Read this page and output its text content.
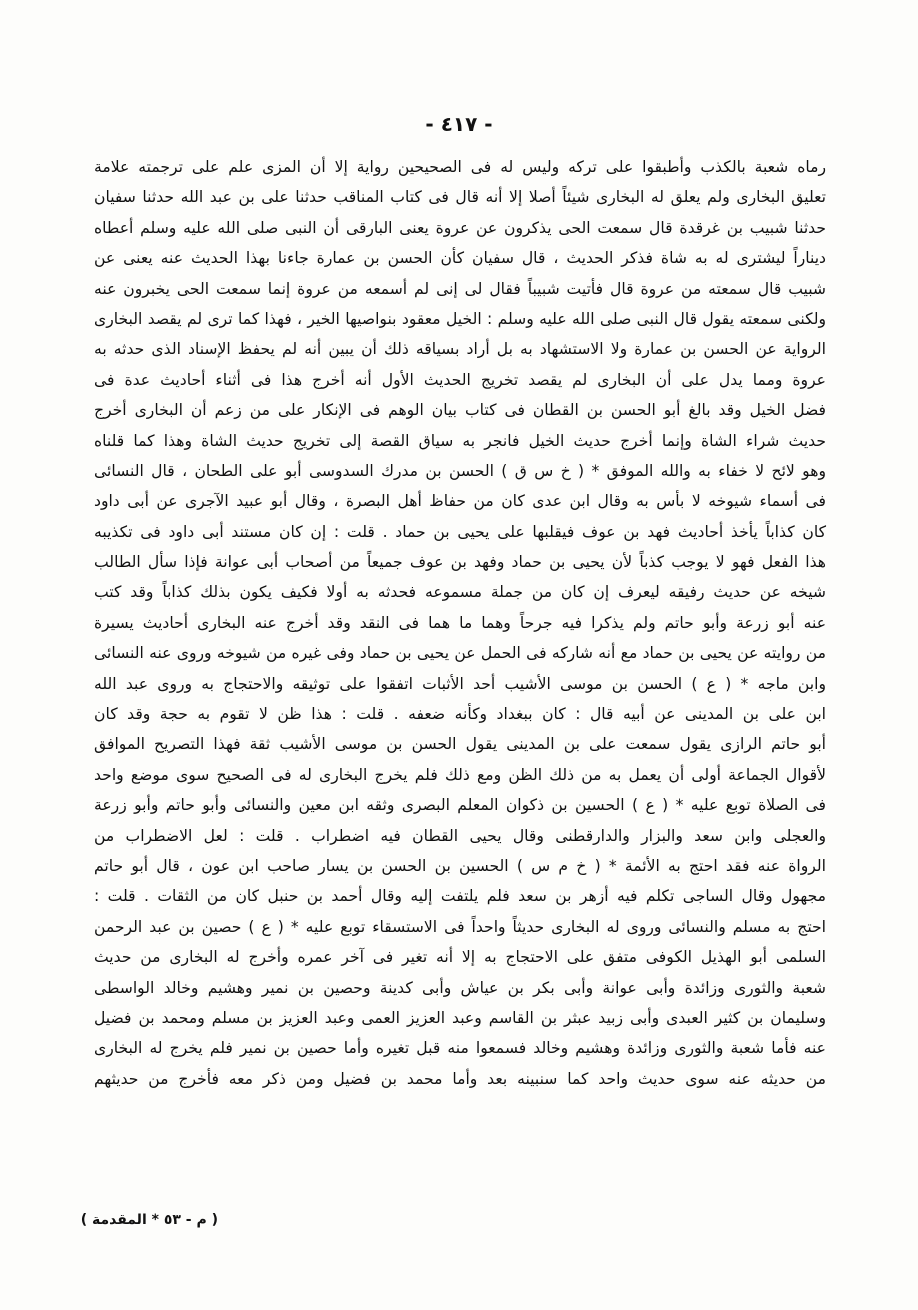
- ٤١٧ -
رماه شعبة بالكذب وأطبقوا على تركه وليس له فى الصحيحين رواية إلا أن المزى علم على ترجمته علامة
تعليق البخارى ولم يعلق له البخارى شيئاً أصلا إلا أنه قال فى كتاب المناقب حدثنا على بن عبد الله حدثنا سفيان
حدثنا شبيب بن غرقدة قال سمعت الحى يذكرون عن عروة يعنى البارقى أن النبى صلى الله عليه وسلم أعطاه
ديناراً ليشترى له به شاة فذكر الحديث ، قال سفيان كأن الحسن بن عمارة جاءنا بهذا الحديث عنه يعنى عن
شبيب قال سمعته من عروة قال فأتيت شبيباً فقال لى إنى لم أسمعه من عروة إنما سمعت الحى يخبرون عنه
ولكنى سمعته يقول قال النبى صلى الله عليه وسلم : الخيل معقود بنواصيها الخير ، فهذا كما ترى لم يقصد البخارى
الرواية عن الحسن بن عمارة ولا الاستشهاد به بل أراد بسياقه ذلك أن يبين أنه لم يحفظ الإسناد الذى حدثه به
عروة ومما يدل على أن البخارى لم يقصد تخريج الحديث الأول أنه أخرج هذا فى أثناء أحاديث عدة فى
فضل الخيل وقد بالغ أبو الحسن بن القطان فى كتاب بيان الوهم فى الإنكار على من زعم أن البخارى أخرج
حديث شراء الشاة وإنما أخرج حديث الخيل فانجر به سياق القصة إلى تخريج حديث الشاة وهذا كما قلناه
وهو لائح لا خفاء به والله الموفق * ( خ س ق ) الحسن بن مدرك السدوسى أبو على الطحان ، قال النسائى
فى أسماء شيوخه لا بأس به وقال ابن عدى كان من حفاظ أهل البصرة ، وقال أبو عبيد الآجرى عن أبى داود
كان كذاباً يأخذ أحاديث فهد بن عوف فيقلبها على يحيى بن حماد . قلت : إن كان مستند أبى داود فى تكذيبه
هذا الفعل فهو لا يوجب كذباً لأن يحيى بن حماد وفهد بن عوف جميعاً من أصحاب أبى عوانة فإذا سأل الطالب
شيخه عن حديث رفيقه ليعرف إن كان من جملة مسموعه فحدثه به أولا فكيف يكون بذلك كذاباً وقد كتب
عنه أبو زرعة وأبو حاتم ولم يذكرا فيه جرحاً وهما ما هما فى النقد وقد أخرج عنه البخارى أحاديث يسيرة
من روايته عن يحيى بن حماد مع أنه شاركه فى الحمل عن يحيى بن حماد وفى غيره من شيوخه وروى عنه النسائى
وابن ماجه * ( ع ) الحسن بن موسى الأشيب أحد الأثبات اتفقوا على توثيقه والاحتجاج به وروى عبد الله
ابن على بن المدينى عن أبيه قال : كان ببغداد وكأنه ضعفه . قلت : هذا ظن لا تقوم به حجة وقد كان
أبو حاتم الرازى يقول سمعت على بن المدينى يقول الحسن بن موسى الأشيب ثقة فهذا التصريح الموافق
لأقوال الجماعة أولى أن يعمل به من ذلك الظن ومع ذلك فلم يخرج البخارى له فى الصحيح سوى موضع واحد
فى الصلاة توبع عليه * ( ع ) الحسين بن ذكوان المعلم البصرى وثقه ابن معين والنسائى وأبو حاتم وأبو زرعة
والعجلى وابن سعد والبزار والدارقطنى وقال يحيى القطان فيه اضطراب . قلت : لعل الاضطراب من
الرواة عنه فقد احتج به الأئمة * ( خ م س ) الحسين بن الحسن بن يسار صاحب ابن عون ، قال أبو حاتم
مجهول وقال الساجى تكلم فيه أزهر بن سعد فلم يلتفت إليه وقال أحمد بن حنبل كان من الثقات . قلت :
احتج به مسلم والنسائى وروى له البخارى حديثاً واحداً فى الاستسقاء توبع عليه * ( ع ) حصين بن عبد الرحمن
السلمى أبو الهذيل الكوفى متفق على الاحتجاج به إلا أنه تغير فى آخر عمره وأخرج له البخارى من حديث
شعبة والثورى وزائدة وأبى عوانة وأبى بكر بن عياش وأبى كدينة وحصين بن نمير وهشيم وخالد الواسطى
وسليمان بن كثير العبدى وأبى زبيد عبثر بن القاسم وعبد العزيز العمى وعبد العزيز بن مسلم ومحمد بن فضيل
عنه فأما شعبة والثورى وزائدة وهشيم وخالد فسمعوا منه قبل تغيره وأما حصين بن نمير فلم يخرج له البخارى
من حديثه عنه سوى حديث واحد كما سنبينه بعد وأما محمد بن فضيل ومن ذكر معه فأخرج من حديثهم
( م - ٥٣ * المقدمة )
